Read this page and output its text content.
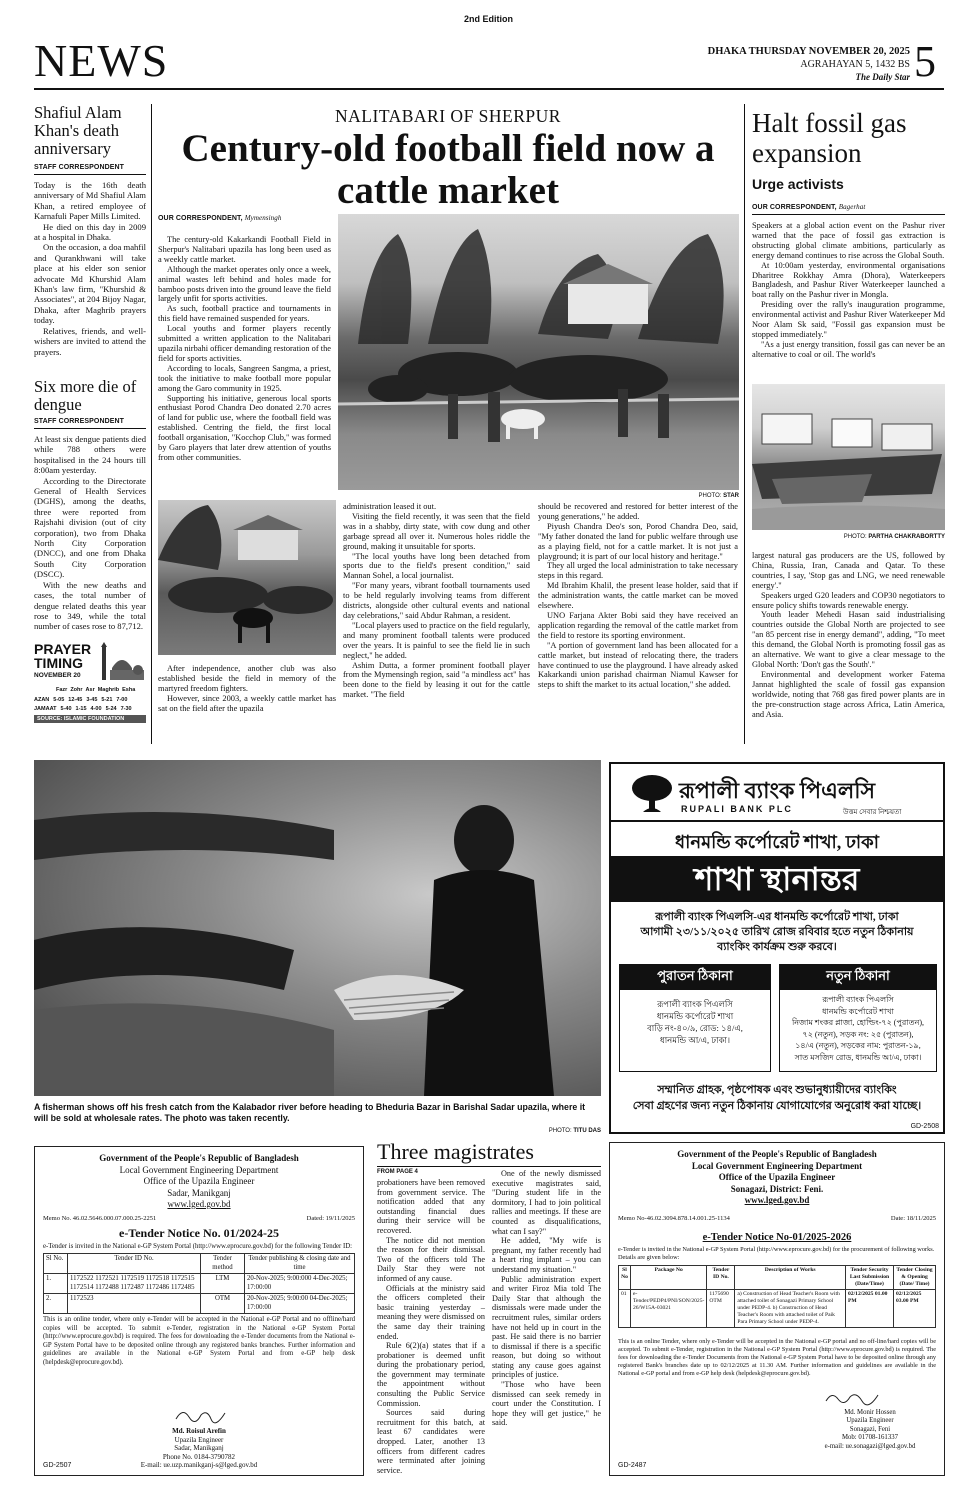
2nd Edition
NEWS	DHAKA THURSDAY NOVEMBER 20, 2025
AGRAHAYAN 5, 1432 BS
The Daily Star 5
Shafiul Alam Khan's death anniversary
STAFF CORRESPONDENT

Today is the 16th death anniversary of Md Shafiul Alam Khan, a retired employee of Karnafuli Paper Mills Limited.

He died on this day in 2009 at a hospital in Dhaka.

On the occasion, a doa mahfil and Qurankhwani will take place at his elder son senior advocate Md Khurshid Alam Khan's law firm, "Khurshid & Associates", at 204 Bijoy Nagar, Dhaka, after Maghrib prayers today.

Relatives, friends, and well-wishers are invited to attend the prayers.

Six more die of dengue
STAFF CORRESPONDENT

At least six dengue patients died while 788 others were hospitalised in the 24 hours till 8:00am yesterday.

According to the Directorate General of Health Services (DGHS), among the deaths, three were reported from Rajshahi division (out of city corporation), two from Dhaka North City Corporation (DNCC), and one from Dhaka South City Corporation (DSCC).

With the new deaths and cases, the total number of dengue related deaths this year rose to 349, while the total number of cases rose to 87,712.

PRAYER
TIMING
NOVEMBER 20
Fazr Zohr Asr Maghrib Esha
AZAN 5-05 12-45 3-45 5-21 7-00
JAMAAT 5-40 1-15 4-00 5-24 7-30
SOURCE: ISLAMIC FOUNDATION
NALITABARI OF SHERPUR
Century-old football field now a cattle market
OUR CORRESPONDENT, Mymensingh

The century-old Kakarkandi Football Field in Sherpur's Nalitabari upazila has long been used as a weekly cattle market.

Although the market operates only once a week, animal wastes left behind and holes made for bamboo posts driven into the ground leave the field largely unfit for sports activities.

As such, football practice and tournaments in this field have remained suspended for years.

Local youths and former players recently submitted a written application to the Nalitabari upazila nirbahi officer demanding restoration of the field for sports activities.

According to locals, Sangreen Sangma, a priest, took the initiative to make football more popular among the Garo community in 1925.

Supporting his initiative, generous local sports enthusiast Porod Chandra Deo donated 2.70 acres of land for public use, where the football field was established. Centring the field, the first local football organisation, "Kocchop Club," was formed by Garo players that later drew attention of youths from other communities.

PHOTO: STAR

After independence, another club was also established beside the field in memory of the martyred freedom fighters.

However, since 2003, a weekly cattle market has sat on the field after the upazila

administration leased it out.

Visiting the field recently, it was seen that the field was in a shabby, dirty state, with cow dung and other garbage spread all over it. Numerous holes riddle the ground, making it unsuitable for sports.

"The local youths have long been detached from sports due to the field's present condition," said Mannan Sohel, a local journalist.

"For many years, vibrant football tournaments used to be held regularly involving teams from different districts, alongside other cultural events and national day celebrations," said Abdur Rahman, a resident.

"Local players used to practice on the field regularly, and many prominent football talents were produced over the years. It is painful to see the field lie in such neglect," he added.

Ashim Dutta, a former prominent football player from the Mymensingh region, said "a mindless act" has been done to the field by leasing it out for the cattle market. "The field

should be recovered and restored for better interest of the young generations," he added.

Piyush Chandra Deo's son, Porod Chandra Deo, said, "My father donated the land for public welfare through use as a playing field, not for a cattle market. It is not just a playground; it is part of our local history and heritage."

They all urged the local administration to take necessary steps in this regard.

Md Ibrahim Khalil, the present lease holder, said that if the administration wants, the cattle market can be moved elsewhere.

UNO Farjana Akter Bobi said they have received an application regarding the removal of the cattle market from the field to restore its sporting environment.

"A portion of government land has been allocated for a cattle market, but instead of relocating there, the traders have continued to use the playground. I have already asked Kakarkandi union parishad chairman Niamul Kawser for steps to shift the market to its actual location," she added.

Halt fossil gas expansion
Urge activists
OUR CORRESPONDENT, Bagerhat

Speakers at a global action event on the Pashur river warned that the pace of fossil gas extraction is obstructing global climate ambitions, particularly as energy demand continues to rise across the Global South.

At 10:00am yesterday, environmental organisations Dharitree Rokkhay Amra (Dhora), Waterkeepers Bangladesh, and Pashur River Waterkeeper launched a boat rally on the Pashur river in Mongla.

Presiding over the rally's inauguration programme, environmental activist and Pashur River Waterkeeper Md Noor Alam Sk said, "Fossil gas expansion must be stopped immediately."

"As a just energy transition, fossil gas can never be an alternative to coal or oil. The world's

PHOTO: PARTHA CHAKRABORTTY

largest natural gas producers are the US, followed by China, Russia, Iran, Canada and Qatar. To these countries, I say, 'Stop gas and LNG, we need renewable energy'."

Speakers urged G20 leaders and COP30 negotiators to ensure policy shifts towards renewable energy.

Youth leader Mehedi Hasan said industrialising countries outside the Global North are projected to see "an 85 percent rise in energy demand", adding, "To meet this demand, the Global North is promoting fossil gas as an alternative. We want to give a clear message to the Global North: 'Don't gas the South'."

Environmental and development worker Fatema Jannat highlighted the scale of fossil gas expansion worldwide, noting that 768 gas fired power plants are in the pre-construction stage across Africa, Latin America, and Asia.

A fisherman shows off his fresh catch from the Kalabador river before heading to Bheduria Bazar in Barishal Sadar upazila, where it will be sold at wholesale rates. The photo was taken recently.
PHOTO: TITU DAS
রূপালী ব্যাংক পিএলসি
RUPALI BANK PLC	উত্তম সেবার নিশ্চয়তা
ধানমন্ডি কর্পোরেট শাখা, ঢাকা
শাখা স্থানান্তর
রূপালী ব্যাংক পিএলসি-এর ধানমন্ডি কর্পোরেট শাখা, ঢাকা
আগামী ২৩/১১/২০২৫ তারিখ রোজ রবিবার হতে নতুন ঠিকানায়
ব্যাংকিং কার্যক্রম শুরু করবে।
পুরাতন ঠিকানা
রূপালী ব্যাংক পিএলসি
ধানমন্ডি কর্পোরেট শাখা
বাড়ি নং-৪০/৯, রোড: ১৪/এ,
ধানমন্ডি আ/এ, ঢাকা।
নতুন ঠিকানা
রূপালী ব্যাংক পিএলসি
ধানমন্ডি কর্পোরেট শাখা
নিজাম শংকর প্লাজা, হোল্ডিং-৭২ (পুরাতন),
৭২ (নতুন), সড়ক নং: ২৫ (পুরাতন),
১৪/এ (নতুন), সড়কের নাম: পুরাতন-১৯,
সাত মসজিদ রোড, ধানমন্ডি আ/এ, ঢাকা।
সম্মানিত গ্রাহক, পৃষ্ঠপোষক এবং শুভানুধ্যায়ীদের ব্যাংকিং
সেবা গ্রহণের জন্য নতুন ঠিকানায় যোগাযোগের অনুরোধ করা যাচ্ছে।
GD-2508
Government of the People's Republic of Bangladesh
Local Government Engineering Department
Office of the Upazila Engineer
Sadar, Manikganj
www.lged.gov.bd
Memo No. 46.02.5646.000.07.000.25-2251	Dated: 19/11/2025
e-Tender Notice No. 01/2024-25
e-Tender is invited in the National e-GP System Portal (http://www.eprocure.gov.bd) for the following Tender ID:
Sl No.	Tender ID No.	Tender method	Tender publishing & closing date and time
1.	1172522 1172521 1172519 1172518 1172515 1172514 1172488 1172487 1172486 1172485	LTM	20-Nov-2025; 9:00:000 4-Dec-2025; 17:00:00
2.	1172523	OTM	20-Nov-2025; 9:00:00 04-Dec-2025; 17:00:00
This is an online tender, where only e-Tender will be accepted in the National e-GP Portal and no offline/hard copies will be accepted. To submit e-Tender, registration in the National e-GP System Portal (http://www.eprocure.gov.bd) is required. The fees for downloading the e-Tender documents from the National e-GP System Portal have to be deposited online through any registered banks branches. Further information and guidelines are available in the National e-GP System Portal and from e-GP help desk (helpdesk@eprocure.gov.bd).
Md. Roisul Arefin
Upazila Engineer
Sadar, Manikganj
Phone No. 0184-3790782
E-mail: ue.uzp.manikganj-s@lged.gov.bd
GD-2507
Three magistrates
FROM PAGE 4

probationers have been removed from government service. The notification added that any outstanding financial dues during their service will be recovered.

The notice did not mention the reason for their dismissal. Two of the officers told The Daily Star they were not informed of any cause.

Officials at the ministry said the officers completed their basic training yesterday – meaning they were dismissed on the same day their training ended.

Rule 6(2)(a) states that if a probationer is deemed unfit during the probationary period, the government may terminate the appointment without consulting the Public Service Commission.

Sources said during recruitment for this batch, at least 67 candidates were dropped. Later, another 13 officers from different cadres were terminated after joining service.

One of the newly dismissed executive magistrates said, "During student life in the dormitory, I had to join political rallies and meetings. If these are counted as disqualifications, what can I say?"

He added, "My wife is pregnant, my father recently had a heart ring implant – you can understand my situation."

Public administration expert and writer Firoz Mia told The Daily Star that although the dismissals were made under the recruitment rules, similar orders have not held up in court in the past. He said there is no barrier to dismissal if there is a specific reason, but doing so without stating any cause goes against principles of justice.

"Those who have been dismissed can seek remedy in court under the Constitution. I hope they will get justice," he said.

Government of the People's Republic of Bangladesh
Local Government Engineering Department
Office of the Upazila Engineer
Sonagazi, District: Feni.
www.lged.gov.bd
Memo No-46.02.3094.878.14.001.25-1134	Date: 18/11/2025
e-Tender Notice No-01/2025-2026
e-Tender is invited in the National e-GP System Portal (http://www.eprocure.gov.bd) for the procurement of following works. Details are given below:
Sl No	Package No	Tender ID No.	Description of Works	Tender Security Last Submission (Date/Time)	Tender Closing & Opening (Date/ Time)
01	e-Tender/PEDP4/PNI/SON/2025-26/W15A-03021	1175690 OTM	a) Construction of Head Teacher's Room with attached toilet of Sonagazi Primary School under PEDP-4. b) Construction of Head Teacher's Room with attached toilet of Paik Para Primary School under PEDP-4.	02/12/2025 01.00 PM	02/12/2025 03.00 PM
This is an online Tender, where only e-Tender will be accepted in the National e-GP portal and no off-line/hard copies will be accepted. To submit e-Tender, registration in the National e-GP System Portal (http://www.eprocure.gov.bd) is required. The fees for downloading the e-Tender Documents from the National e-GP System Portal have to be deposited online through any registered Bank's branches date up to 02/12/2025 at 11.30 AM. Further information and guidelines are available in the National e-GP portal and from e-GP help desk (helpdesk@eprocure.gov.bd).
Md. Monir Hossen
Upazila Engineer
Sonagazi, Feni
Mob: 01708-161337
e-mail: ue.sonagazi@lged.gov.bd
GD-2487
